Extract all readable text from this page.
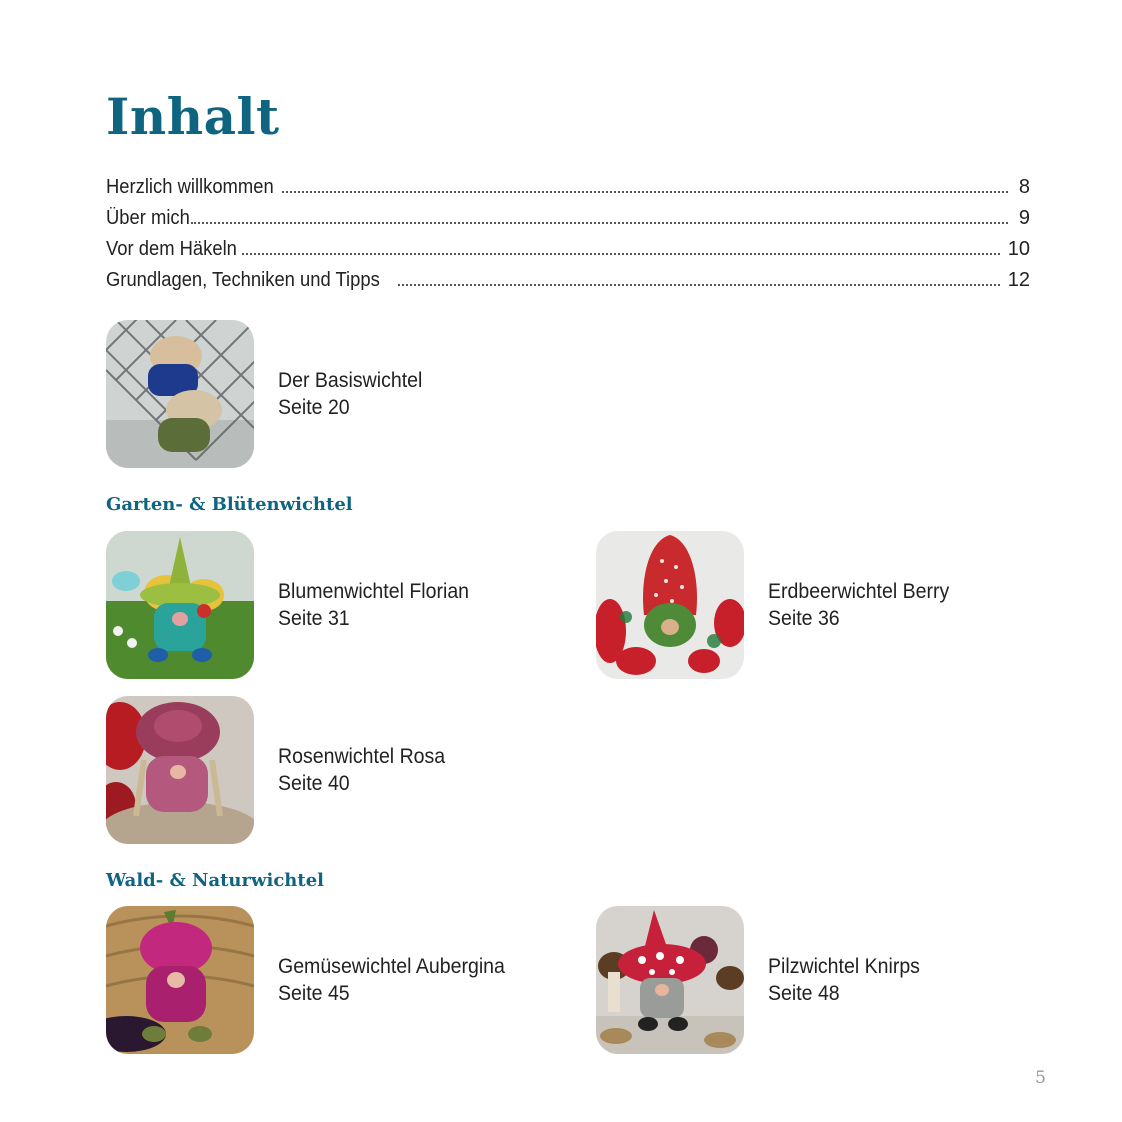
Inhalt
Herzlich willkommen	8
Über mich	9
Vor dem Häkeln	10
Grundlagen, Techniken und Tipps	12
Der Basiswichtel
Seite 20
Garten- & Blütenwichtel
Blumenwichtel Florian
Seite 31
Erdbeerwichtel Berry
Seite 36
Rosenwichtel Rosa
Seite 40
Wald- & Naturwichtel
Gemüsewichtel Aubergina
Seite 45
Pilzwichtel Knirps
Seite 48
5
